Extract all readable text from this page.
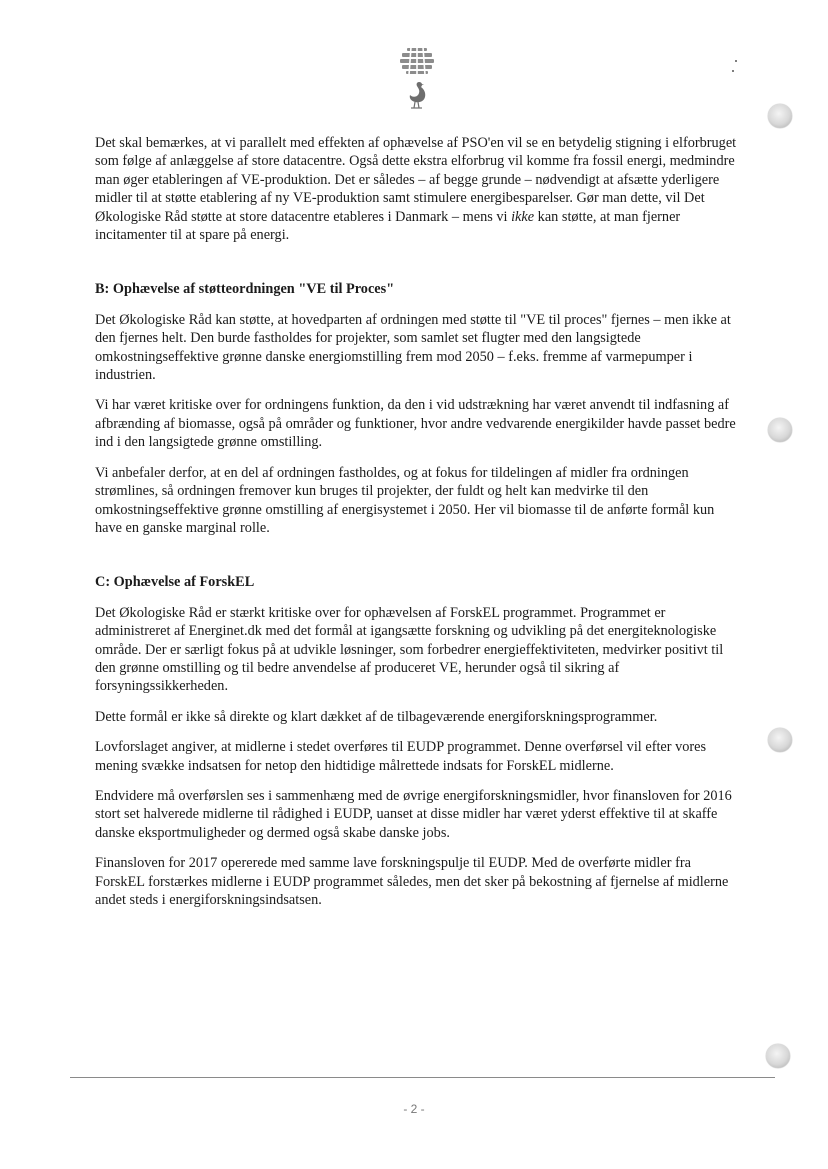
Det skal bemærkes, at vi parallelt med effekten af ophævelse af PSO'en vil se en betydelig stigning i elforbruget som følge af anlæggelse af store datacentre. Også dette ekstra elforbrug vil komme fra fossil energi, medmindre man øger etableringen af VE-produktion. Det er således – af begge grunde – nødvendigt at afsætte yderligere midler til at støtte etablering af ny VE-produktion samt stimulere energibesparelser. Gør man dette, vil Det Økologiske Råd støtte at store datacentre etableres i Danmark – mens vi ikke kan støtte, at man fjerner incitamenter til at spare på energi.

B: Ophævelse af støtteordningen "VE til Proces"

Det Økologiske Råd kan støtte, at hovedparten af ordningen med støtte til "VE til proces" fjernes – men ikke at den fjernes helt. Den burde fastholdes for projekter, som samlet set flugter med den langsigtede omkostningseffektive grønne danske energiomstilling frem mod 2050 – f.eks. fremme af varmepumper i industrien.

Vi har været kritiske over for ordningens funktion, da den i vid udstrækning har været anvendt til indfasning af afbrænding af biomasse, også på områder og funktioner, hvor andre vedvarende energikilder havde passet bedre ind i den langsigtede grønne omstilling.

Vi anbefaler derfor, at en del af ordningen fastholdes, og at fokus for tildelingen af midler fra ordningen strømlines, så ordningen fremover kun bruges til projekter, der fuldt og helt kan medvirke til den omkostningseffektive grønne omstilling af energisystemet i 2050. Her vil biomasse til de anførte formål kun have en ganske marginal rolle.

C: Ophævelse af ForskEL

Det Økologiske Råd er stærkt kritiske over for ophævelsen af ForskEL programmet. Programmet er administreret af Energinet.dk med det formål at igangsætte forskning og udvikling på det energiteknologiske område. Der er særligt fokus på at udvikle løsninger, som forbedrer energieffektiviteten, medvirker positivt til den grønne omstilling og til bedre anvendelse af produceret VE, herunder også til sikring af forsyningssikkerheden.

Dette formål er ikke så direkte og klart dækket af de tilbageværende energiforskningsprogrammer.

Lovforslaget angiver, at midlerne i stedet overføres til EUDP programmet. Denne overførsel vil efter vores mening svække indsatsen for netop den hidtidige målrettede indsats for ForskEL midlerne.

Endvidere må overførslen ses i sammenhæng med de øvrige energiforskningsmidler, hvor finansloven for 2016 stort set halverede midlerne til rådighed i EUDP, uanset at disse midler har været yderst effektive til at skaffe danske eksportmuligheder og dermed også skabe danske jobs.

Finansloven for 2017 opererede med samme lave forskningspulje til EUDP. Med de overførte midler fra ForskEL forstærkes midlerne i EUDP programmet således, men det sker på bekostning af fjernelse af midlerne andet steds i energiforskningsindsatsen.

- 2 -
